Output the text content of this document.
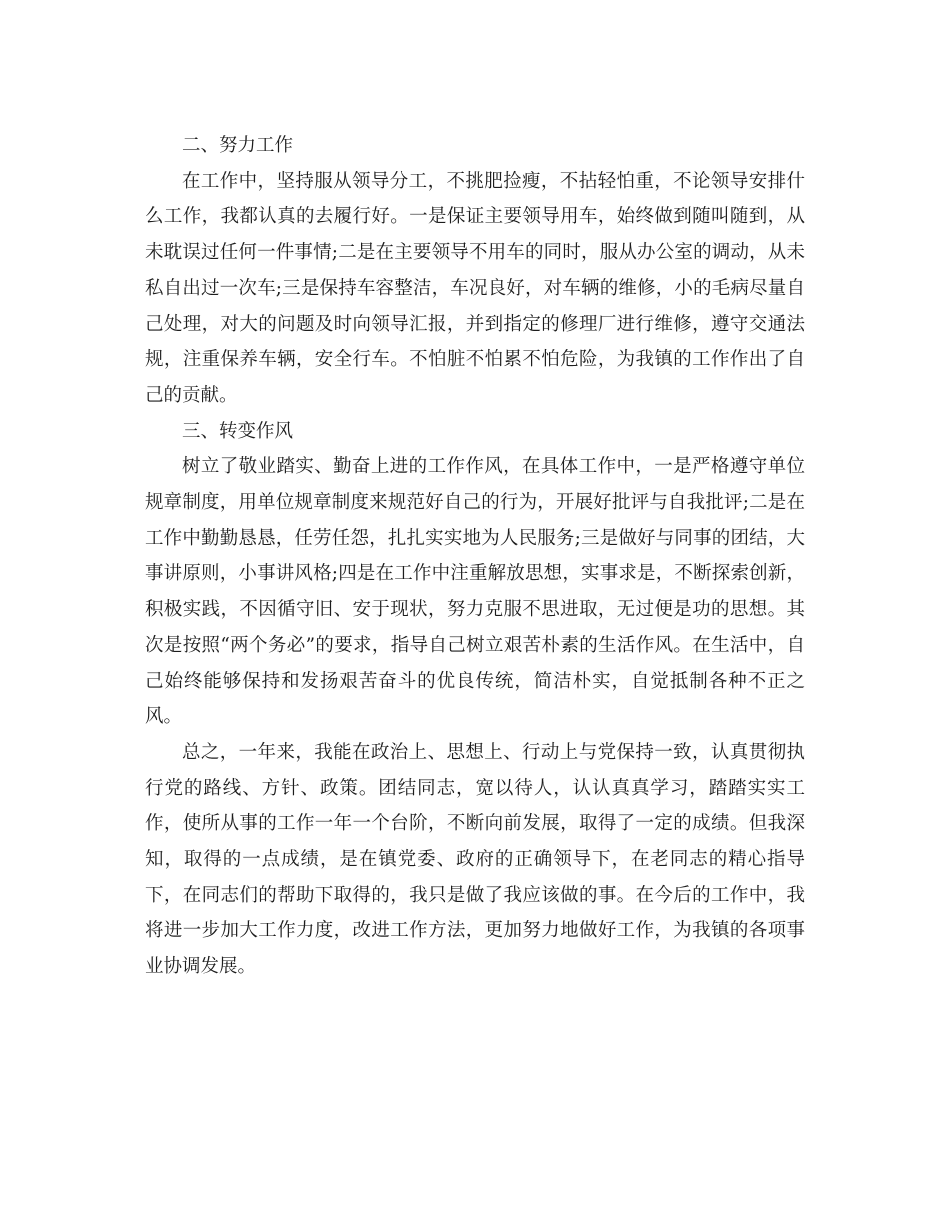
二、努力工作

在工作中，坚持服从领导分工，不挑肥捡瘦，不拈轻怕重，不论领导安排什么工作，我都认真的去履行好。一是保证主要领导用车，始终做到随叫随到，从未耽误过任何一件事情;二是在主要领导不用车的同时，服从办公室的调动，从未私自出过一次车;三是保持车容整洁，车况良好，对车辆的维修，小的毛病尽量自己处理，对大的问题及时向领导汇报，并到指定的修理厂进行维修，遵守交通法规，注重保养车辆，安全行车。不怕脏不怕累不怕危险，为我镇的工作作出了自己的贡献。

三、转变作风

树立了敬业踏实、勤奋上进的工作作风，在具体工作中，一是严格遵守单位规章制度，用单位规章制度来规范好自己的行为，开展好批评与自我批评;二是在工作中勤勤恳恳，任劳任怨，扎扎实实地为人民服务;三是做好与同事的团结，大事讲原则，小事讲风格;四是在工作中注重解放思想，实事求是，不断探索创新，积极实践，不因循守旧、安于现状，努力克服不思进取，无过便是功的思想。其次是按照“两个务必”的要求，指导自己树立艰苦朴素的生活作风。在生活中，自己始终能够保持和发扬艰苦奋斗的优良传统，简洁朴实，自觉抵制各种不正之风。

总之，一年来，我能在政治上、思想上、行动上与党保持一致，认真贯彻执行党的路线、方针、政策。团结同志，宽以待人，认认真真学习，踏踏实实工作，使所从事的工作一年一个台阶，不断向前发展，取得了一定的成绩。但我深知，取得的一点成绩，是在镇党委、政府的正确领导下，在老同志的精心指导下，在同志们的帮助下取得的，我只是做了我应该做的事。在今后的工作中，我将进一步加大工作力度，改进工作方法，更加努力地做好工作，为我镇的各项事业协调发展。
